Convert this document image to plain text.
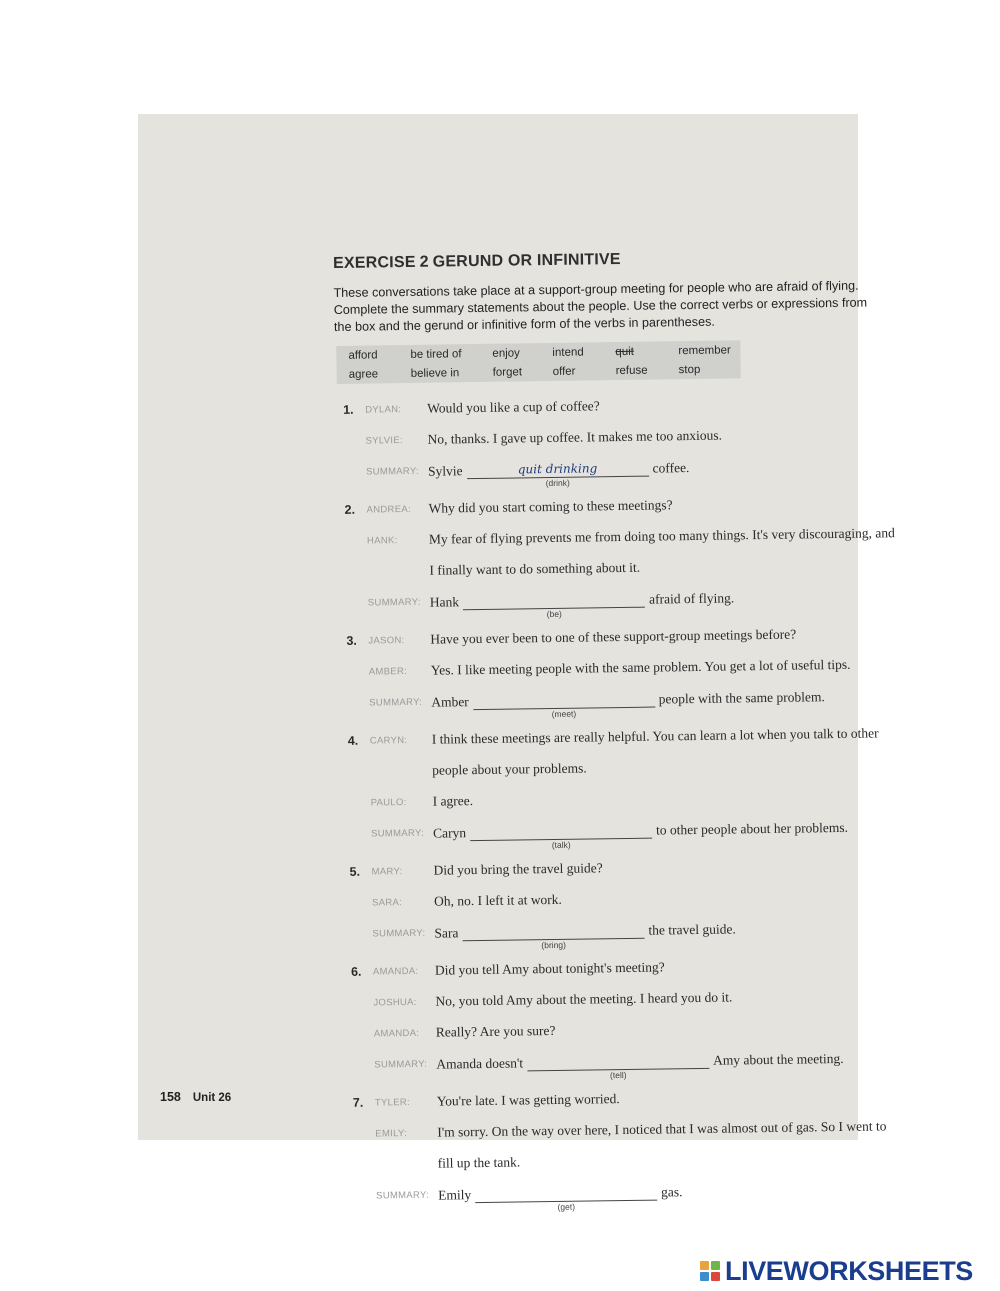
EXERCISE 2 GERUND OR INFINITIVE
These conversations take place at a support-group meeting for people who are afraid of flying. Complete the summary statements about the people. Use the correct verbs or expressions from the box and the gerund or infinitive form of the verbs in parentheses.
afford	be tired of	enjoy	intend	quit	remember
agree	believe in	forget	offer	refuse	stop
1. DYLAN: Would you like a cup of coffee?
SYLVIE: No, thanks. I gave up coffee. It makes me too anxious.
SUMMARY: Sylvie	quit drinking
(drink)
coffee.
2. ANDREA: Why did you start coming to these meetings?
HANK: My fear of flying prevents me from doing too many things. It's very discouraging, and
I finally want to do something about it.
SUMMARY: Hank
(be)
afraid of flying.
3. JASON: Have you ever been to one of these support-group meetings before?
AMBER: Yes. I like meeting people with the same problem. You get a lot of useful tips.
SUMMARY: Amber
(meet)
people with the same problem.
4. CARYN: I think these meetings are really helpful. You can learn a lot when you talk to other
people about your problems.
PAULO: I agree.
SUMMARY: Caryn
(talk)
to other people about her problems.
5. MARY: Did you bring the travel guide?
SARA: Oh, no. I left it at work.
SUMMARY: Sara
(bring)
the travel guide.
6. AMANDA: Did you tell Amy about tonight's meeting?
JOSHUA: No, you told Amy about the meeting. I heard you do it.
AMANDA: Really? Are you sure?
SUMMARY: Amanda doesn't
(tell)
Amy about the meeting.
7. TYLER: You're late. I was getting worried.
EMILY: I'm sorry. On the way over here, I noticed that I was almost out of gas. So I went to
fill up the tank.
SUMMARY: Emily
(get)
gas.
158 Unit 26
LIVEWORKSHEETS
